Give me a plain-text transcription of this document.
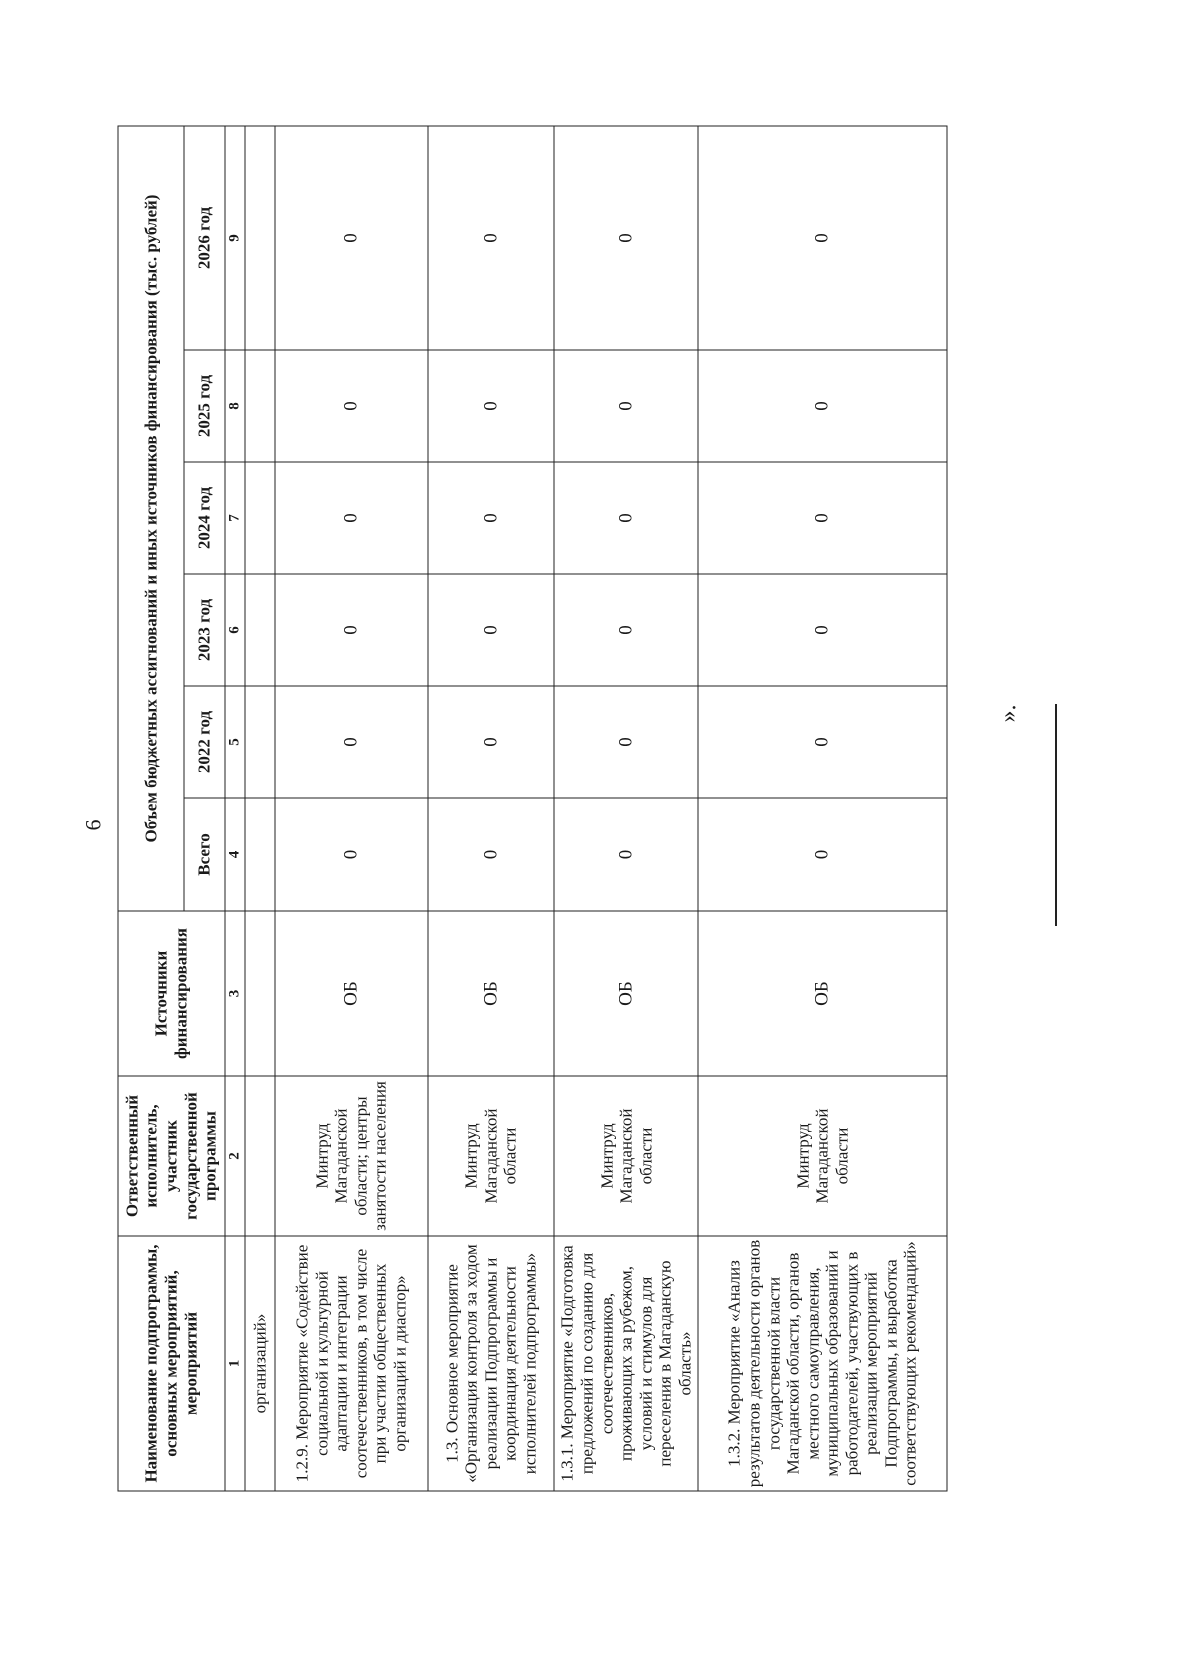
6
Наименование подпрограммы, основных мероприятий, мероприятий	Ответственный исполнитель, участник государственной программы	Источники финансирования	Объем бюджетных ассигнований и иных источников финансирования (тыс. рублей)					
			Всего	2022 год	2023 год	2024 год	2025 год	2026 год
1	2	3	4	5	6	7	8	9
организаций»								
1.2.9. Мероприятие «Содействие социальной и культурной адаптации и интеграции соотечественников, в том числе при участии общественных организаций и диаспор»	Минтруд Магаданской области; центры занятости населения	ОБ	0	0	0	0	0	0
1.3. Основное мероприятие «Организация контроля за ходом реализации Подпрограммы и координация деятельности исполнителей подпрограммы»	Минтруд Магаданской области	ОБ	0	0	0	0	0	0
1.3.1. Мероприятие «Подготовка предложений по созданию для соотечественников, проживающих за рубежом, условий и стимулов для переселения в Магаданскую область»	Минтруд Магаданской области	ОБ	0	0	0	0	0	0
1.3.2. Мероприятие «Анализ результатов деятельности органов государственной власти Магаданской области, органов местного самоуправления, муниципальных образований и работодателей, участвующих в реализации мероприятий Подпрограммы, и выработка соответствующих рекомендаций»	Минтруд Магаданской области	ОБ	0	0	0	0	0	0
».
